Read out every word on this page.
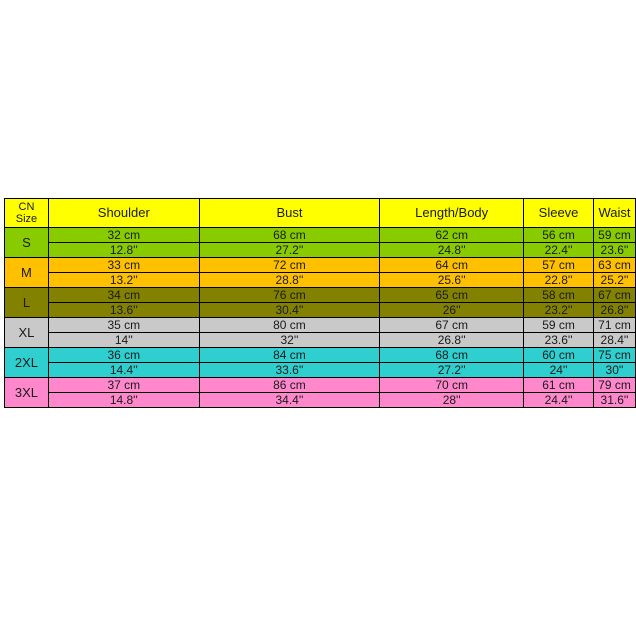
CN
Size	Shoulder	Bust	Length/Body	Sleeve	Waist
S	32 cm	68 cm	62 cm	56 cm	59 cm
	12.8''	27.2''	24.8''	22.4''	23.6''
M	33 cm	72 cm	64 cm	57 cm	63 cm
	13.2''	28.8''	25.6''	22.8''	25.2''
L	34 cm	76 cm	65 cm	58 cm	67 cm
	13.6''	30.4''	26''	23.2''	26.8''
XL	35 cm	80 cm	67 cm	59 cm	71 cm
	14''	32''	26.8''	23.6''	28.4''
2XL	36 cm	84 cm	68 cm	60 cm	75 cm
	14.4''	33.6''	27.2''	24''	30''
3XL	37 cm	86 cm	70 cm	61 cm	79 cm
	14.8''	34.4''	28''	24.4''	31.6''
